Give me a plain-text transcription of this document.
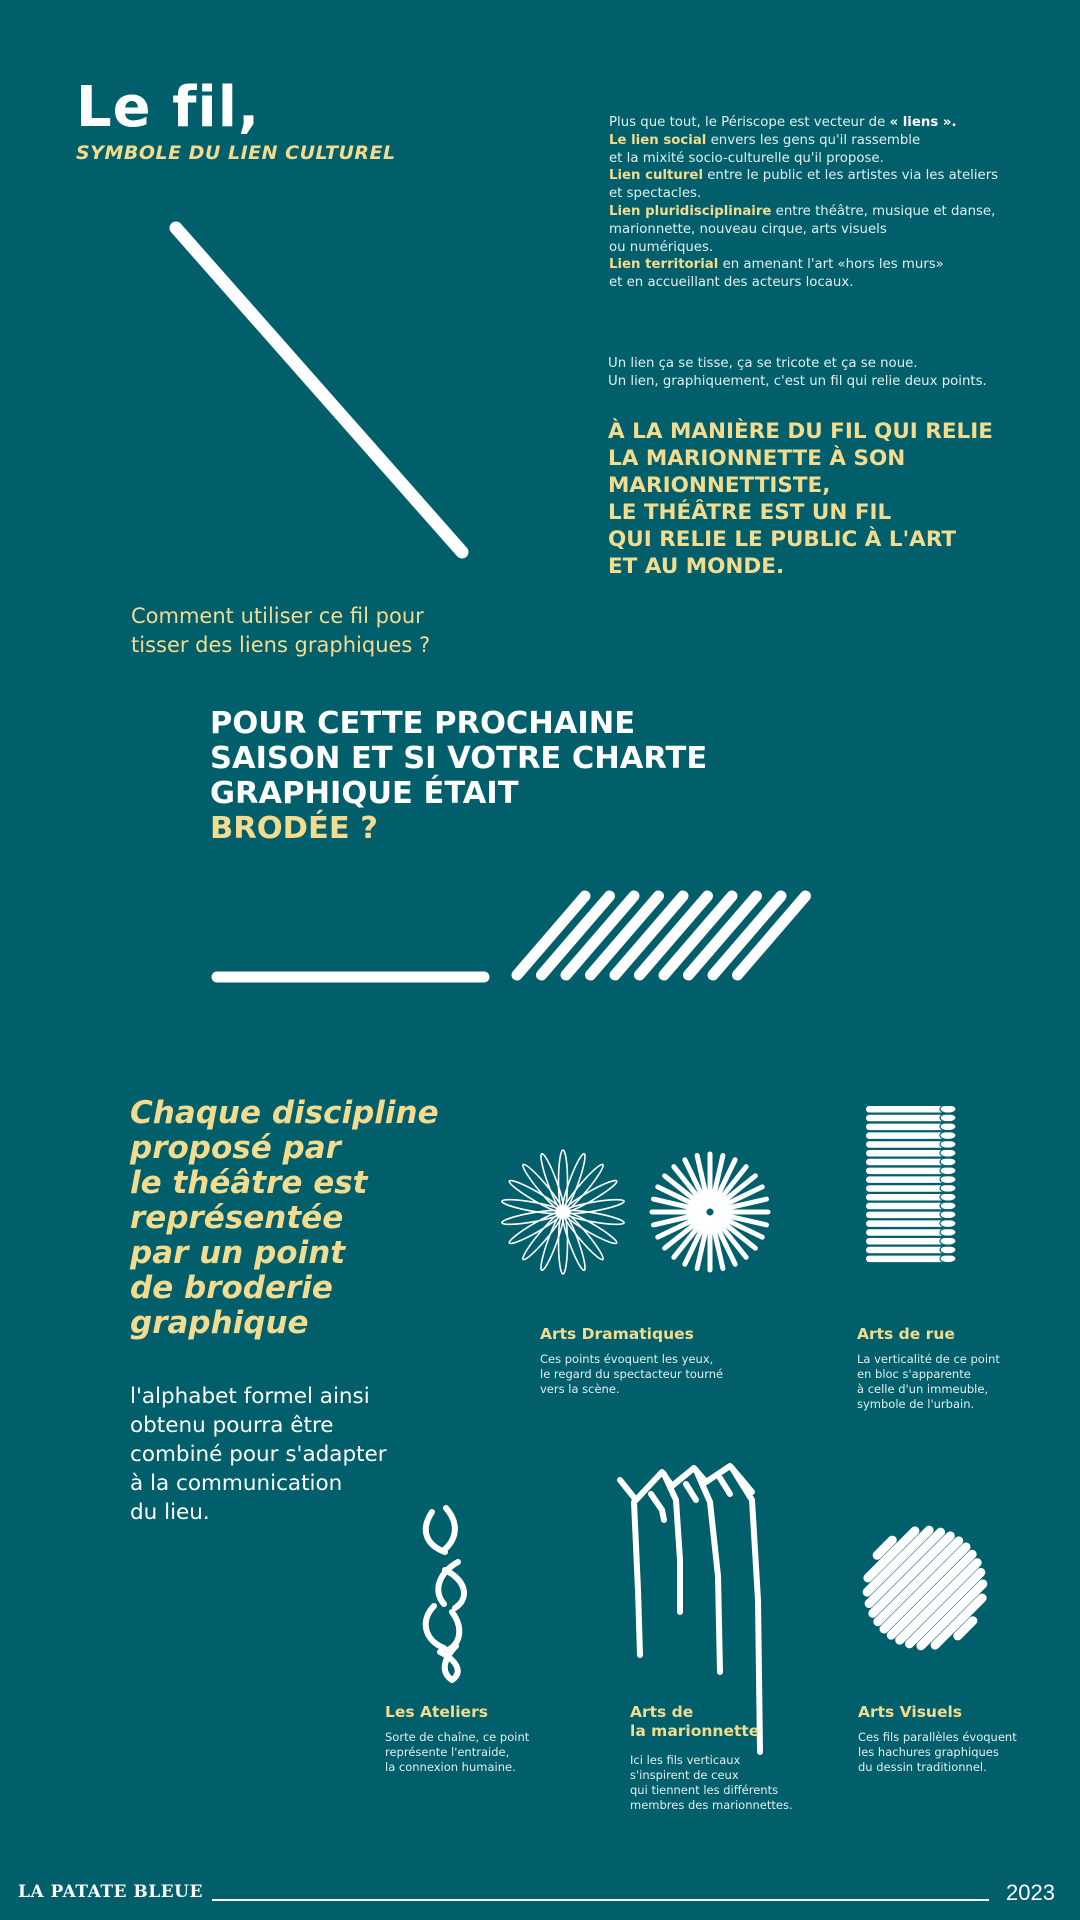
Le fil,
SYMBOLE DU LIEN CULTUREL
Plus que tout, le Périscope est vecteur de « liens ».
Le lien social envers les gens qu'il rassemble
et la mixité socio-culturelle qu'il propose.
Lien culturel entre le public et les artistes via les ateliers
et spectacles.
Lien pluridisciplinaire entre théâtre, musique et danse,
marionnette, nouveau cirque, arts visuels
ou numériques.
Lien territorial en amenant l'art «hors les murs»
et en accueillant des acteurs locaux.
Un lien ça se tisse, ça se tricote et ça se noue.
Un lien, graphiquement, c'est un fil qui relie deux points.
À LA MANIÈRE DU FIL QUI RELIE
LA MARIONNETTE À SON
MARIONNETTISTE,
LE THÉÂTRE EST UN FIL
QUI RELIE LE PUBLIC À L'ART
ET AU MONDE.
Comment utiliser ce fil pour
tisser des liens graphiques ?
POUR CETTE PROCHAINE
SAISON ET SI VOTRE CHARTE
GRAPHIQUE ÉTAIT
BRODÉE ?
Chaque discipline
proposé par
le théâtre est
représentée
par un point
de broderie
graphique
l'alphabet formel ainsi
obtenu pourra être
combiné pour s'adapter
à la communication
du lieu.
Arts Dramatiques
Ces points évoquent les yeux,
le regard du spectacteur tourné
vers la scène.
Arts de rue
La verticalité de ce point
en bloc s'apparente
à celle d'un immeuble,
symbole de l'urbain.
Les Ateliers
Sorte de chaîne, ce point
représente l'entraide,
la connexion humaine.
Arts de
la marionnette
Ici les fils verticaux
s'inspirent de ceux
qui tiennent les différents
membres des marionnettes.
Arts Visuels
Ces fils parallèles évoquent
les hachures graphiques
du dessin traditionnel.
LA PATATE BLEUE	2023
